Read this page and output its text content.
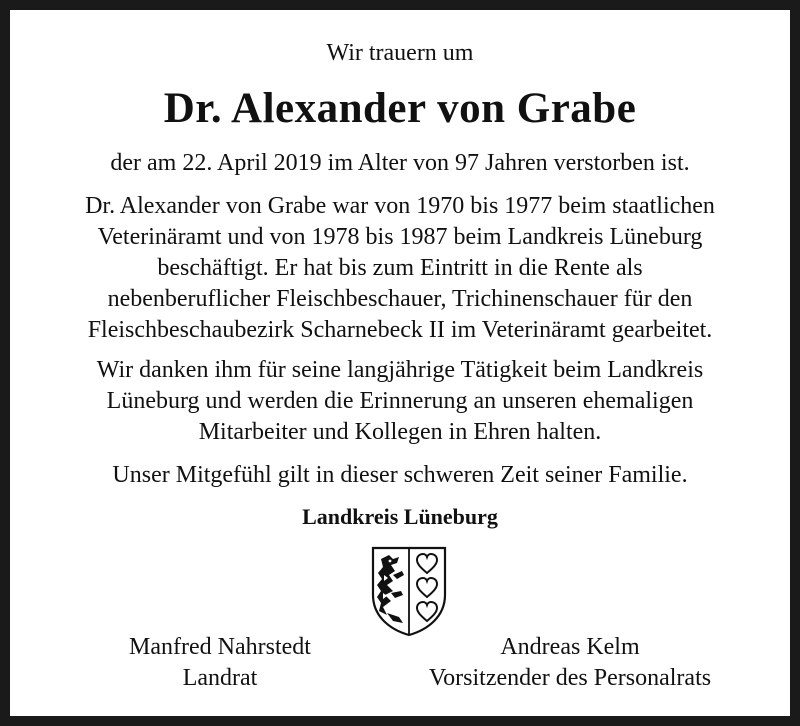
Wir trauern um
Dr. Alexander von Grabe
der am 22. April 2019 im Alter von 97 Jahren verstorben ist.
Dr. Alexander von Grabe war von 1970 bis 1977 beim staatlichen
Veterinäramt und von 1978 bis 1987 beim Landkreis Lüneburg
beschäftigt. Er hat bis zum Eintritt in die Rente als
nebenberuflicher Fleischbeschauer, Trichinenschauer für den
Fleischbeschaubezirk Scharnebeck II im Veterinäramt gearbeitet.
Wir danken ihm für seine langjährige Tätigkeit beim Landkreis
Lüneburg und werden die Erinnerung an unseren ehemaligen
Mitarbeiter und Kollegen in Ehren halten.
Unser Mitgefühl gilt in dieser schweren Zeit seiner Familie.
Landkreis Lüneburg
Manfred Nahrstedt
Landrat
Andreas Kelm
Vorsitzender des Personalrats
